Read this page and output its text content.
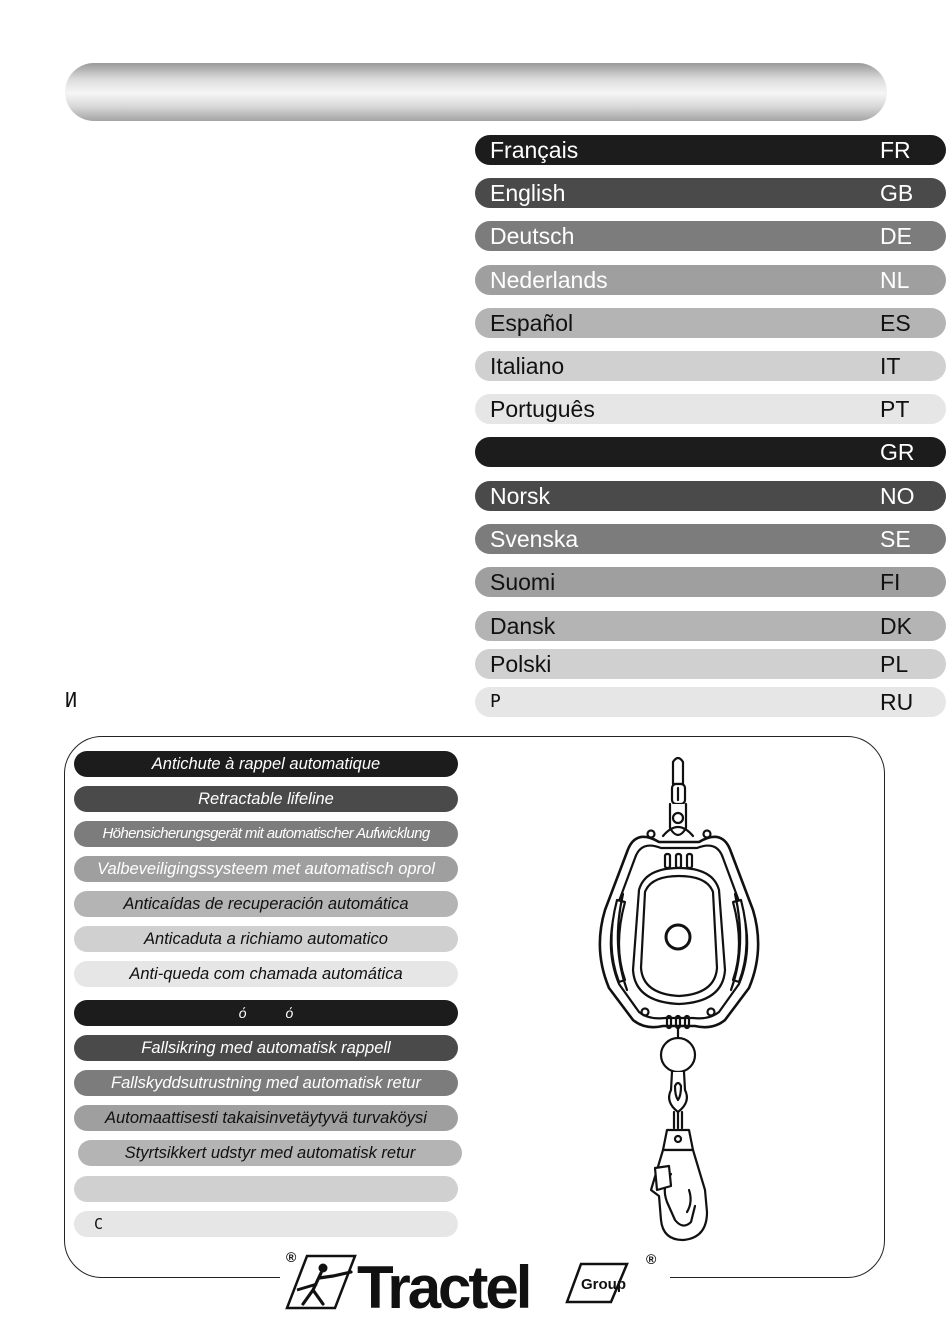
Français	FR
English	GB
Deutsch	DE
Nederlands	NL
Español	ES
Italiano	IT
Português	PT
GR
Norsk	NO
Svenska	SE
Suomi	FI
Dansk	DK
Polski	PL
Р	RU
И
Antichute à rappel automatique
Retractable lifeline
Höhensicherungsgerät mit automatischer Aufwicklung
Valbeveiligingssysteem met automatisch oprol
Anticaídas de recuperación automática
Anticaduta a richiamo automatico
Anti-queda com chamada automática
ό          ό
Fallsikring med automatisk rappell
Fallskyddsutrustning med automatisk retur
Automaattisesti takaisinvetäytyvä turvaköysi
Styrtsikkert udstyr med automatisk retur
С
® Tractel	Group
®
